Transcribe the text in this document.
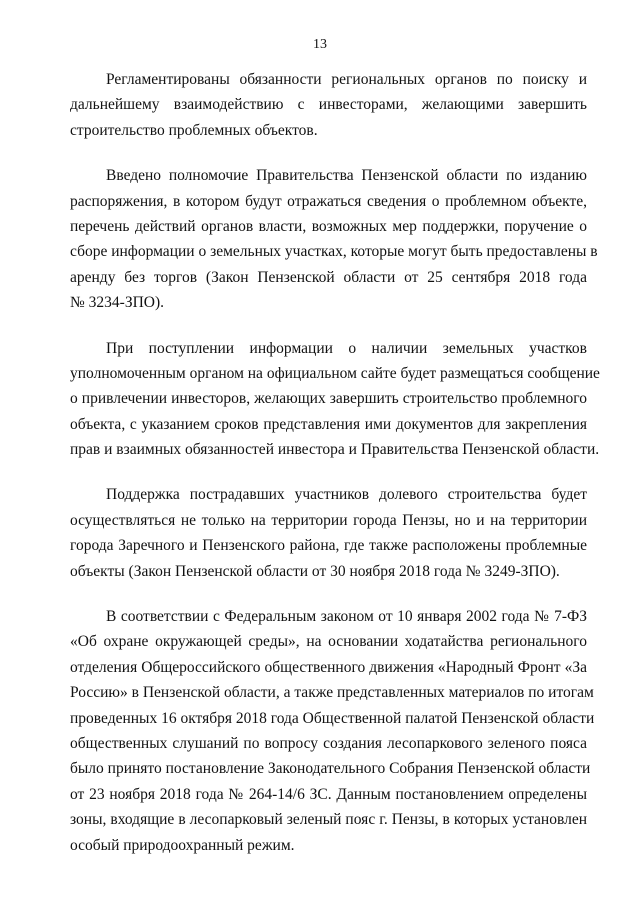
13
Регламентированы обязанности региональных органов по поиску и
дальнейшему взаимодействию с инвесторами, желающими завершить
строительство проблемных объектов.
Введено полномочие Правительства Пензенской области по изданию
распоряжения, в котором будут отражаться сведения о проблемном объекте,
перечень действий органов власти, возможных мер поддержки, поручение о
сборе информации о земельных участках, которые могут быть предоставлены в
аренду без торгов (Закон Пензенской области от 25 сентября 2018 года
№ 3234-ЗПО).
При поступлении информации о наличии земельных участков
уполномоченным органом на официальном сайте будет размещаться сообщение
о привлечении инвесторов, желающих завершить строительство проблемного
объекта, с указанием сроков представления ими документов для закрепления
прав и взаимных обязанностей инвестора и Правительства Пензенской области.
Поддержка пострадавших участников долевого строительства будет
осуществляться не только на территории города Пензы, но и на территории
города Заречного и Пензенского района, где также расположены проблемные
объекты (Закон Пензенской области от 30 ноября 2018 года № 3249-ЗПО).
В соответствии с Федеральным законом от 10 января 2002 года № 7-ФЗ
«Об охране окружающей среды», на основании ходатайства регионального
отделения Общероссийского общественного движения «Народный Фронт «За
Россию» в Пензенской области, а также представленных материалов по итогам
проведенных 16 октября 2018 года Общественной палатой Пензенской области
общественных слушаний по вопросу создания лесопаркового зеленого пояса
было принято постановление Законодательного Собрания Пензенской области
от 23 ноября 2018 года № 264-14/6 ЗС. Данным постановлением определены
зоны, входящие в лесопарковый зеленый пояс г. Пензы, в которых установлен
особый природоохранный режим.
